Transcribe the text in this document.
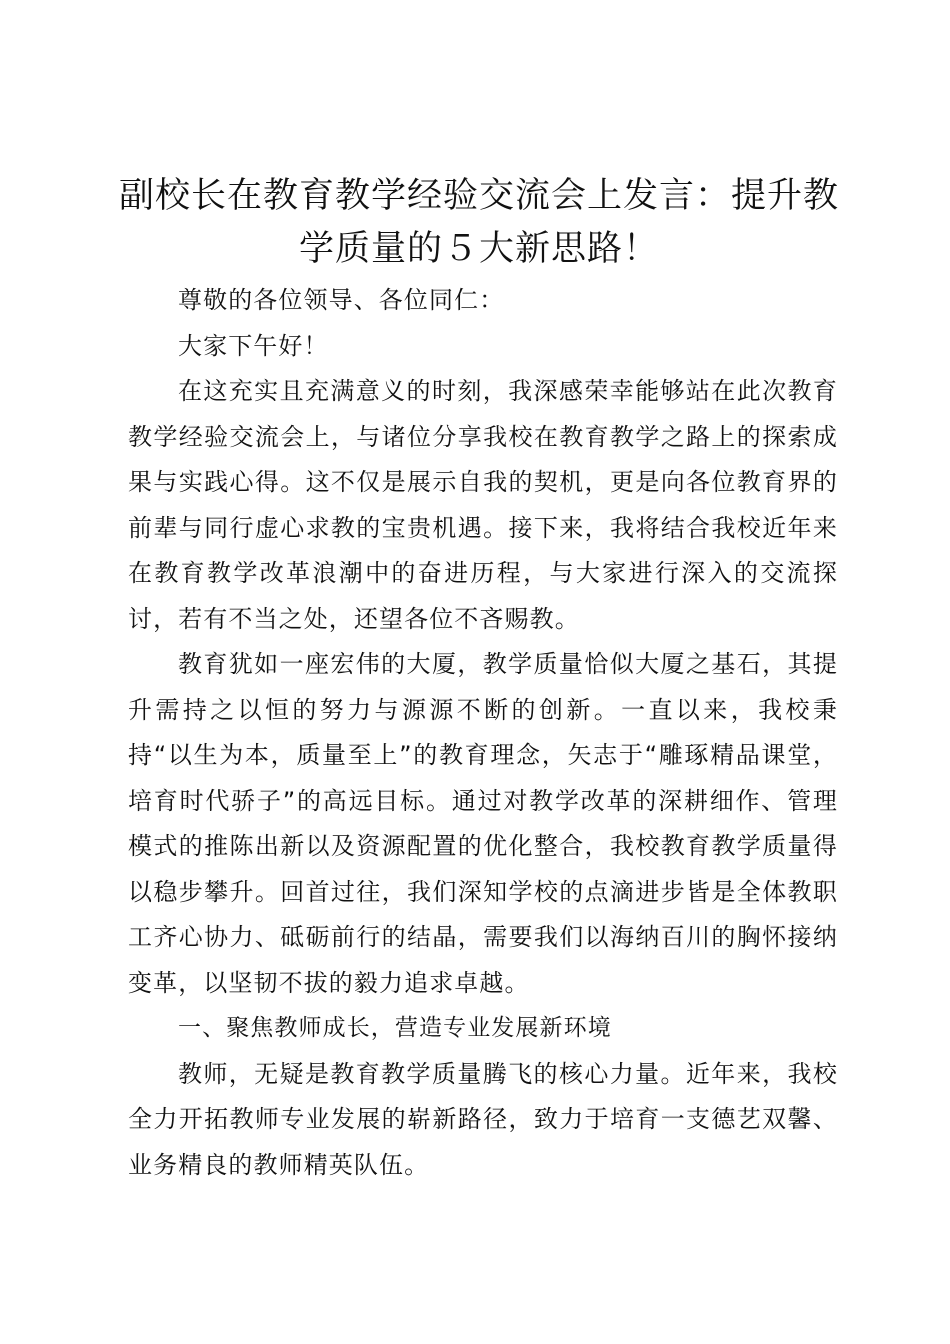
副校长在教育教学经验交流会上发言：提升教学质量的５大新思路！

尊敬的各位领导、各位同仁：

大家下午好！

在这充实且充满意义的时刻，我深感荣幸能够站在此次教育教学经验交流会上，与诸位分享我校在教育教学之路上的探索成果与实践心得。这不仅是展示自我的契机，更是向各位教育界的前辈与同行虚心求教的宝贵机遇。接下来，我将结合我校近年来在教育教学改革浪潮中的奋进历程，与大家进行深入的交流探讨，若有不当之处，还望各位不吝赐教。

教育犹如一座宏伟的大厦，教学质量恰似大厦之基石，其提升需持之以恒的努力与源源不断的创新。一直以来，我校秉持“以生为本，质量至上”的教育理念，矢志于“雕琢精品课堂，培育时代骄子”的高远目标。通过对教学改革的深耕细作、管理模式的推陈出新以及资源配置的优化整合，我校教育教学质量得以稳步攀升。回首过往，我们深知学校的点滴进步皆是全体教职工齐心协力、砥砺前行的结晶，需要我们以海纳百川的胸怀接纳变革，以坚韧不拔的毅力追求卓越。

一、聚焦教师成长，营造专业发展新环境

教师，无疑是教育教学质量腾飞的核心力量。近年来，我校全力开拓教师专业发展的崭新路径，致力于培育一支德艺双馨、业务精良的教师精英队伍。
